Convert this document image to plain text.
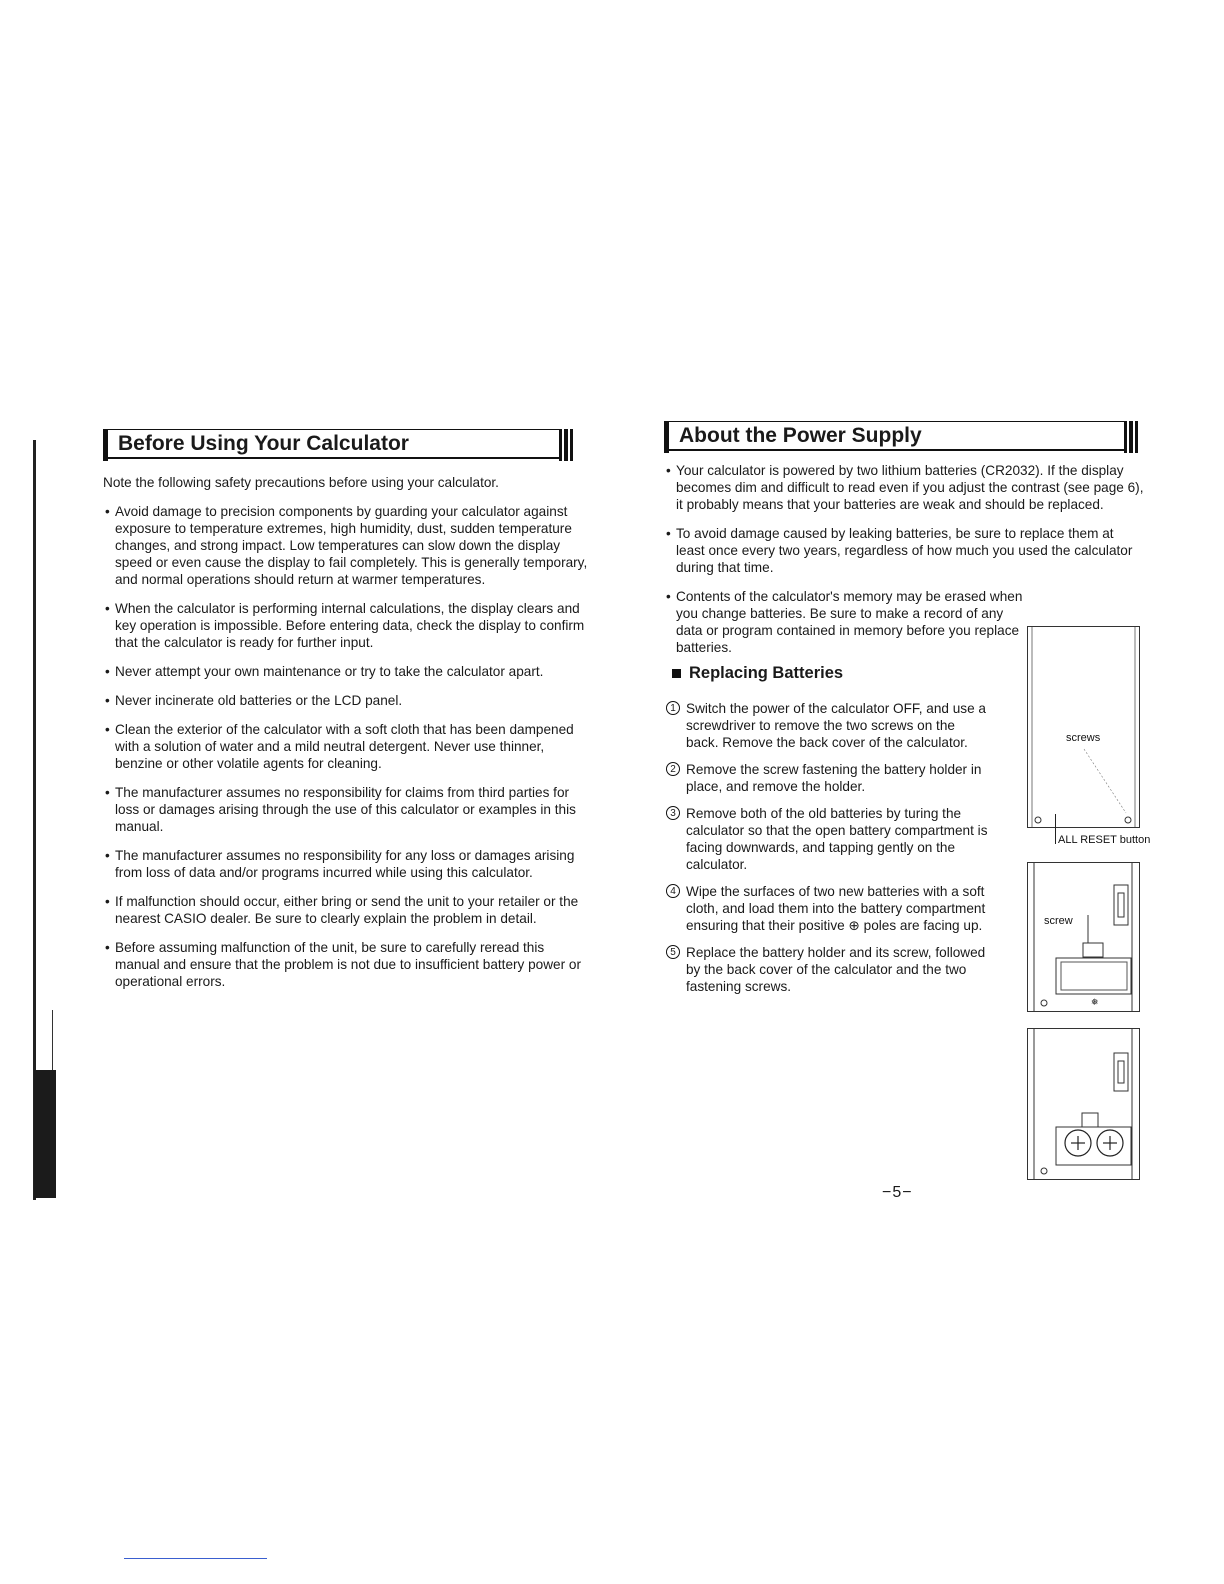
Before Using Your Calculator

Note the following safety precautions before using your calculator.

• Avoid damage to precision components by guarding your calculator against exposure to temperature extremes, high humidity, dust, sudden temperature changes, and strong impact. Low temperatures can slow down the display speed or even cause the display to fail completely. This is generally temporary, and normal operations should return at warmer temperatures.
• When the calculator is performing internal calculations, the display clears and key operation is impossible. Before entering data, check the display to confirm that the calculator is ready for further input.
• Never attempt your own maintenance or try to take the calculator apart.
• Never incinerate old batteries or the LCD panel.
• Clean the exterior of the calculator with a soft cloth that has been dampened with a solution of water and a mild neutral detergent. Never use thinner, benzine or other volatile agents for cleaning.
• The manufacturer assumes no responsibility for claims from third parties for loss or damages arising through the use of this calculator or examples in this manual.
• The manufacturer assumes no responsibility for any loss or damages arising from loss of data and/or programs incurred while using this calculator.
• If malfunction should occur, either bring or send the unit to your retailer or the nearest CASIO dealer. Be sure to clearly explain the problem in detail.
• Before assuming malfunction of the unit, be sure to carefully reread this manual and ensure that the problem is not due to insufficient battery power or operational errors.
About the Power Supply
• Your calculator is powered by two lithium batteries (CR2032). If the display becomes dim and difficult to read even if you adjust the contrast (see page 6), it probably means that your batteries are weak and should be replaced.
• To avoid damage caused by leaking batteries, be sure to replace them at least once every two years, regardless of how much you used the calculator during that time.
• Contents of the calculator's memory may be erased when you change batteries. Be sure to make a record of any data or program contained in memory before you replace batteries.
Replacing Batteries
1 Switch the power of the calculator OFF, and use a screwdriver to remove the two screws on the back. Remove the back cover of the calculator.
2 Remove the screw fastening the battery holder in place, and remove the holder.
3 Remove both of the old batteries by turing the calculator so that the open battery compartment is facing downwards, and tapping gently on the calculator.
4 Wipe the surfaces of two new batteries with a soft cloth, and load them into the battery compartment ensuring that their positive ⊕ poles are facing up.
5 Replace the battery holder and its screw, followed by the back cover of the calculator and the two fastening screws.
screws
ALL RESET button
❅
screw
−5−
